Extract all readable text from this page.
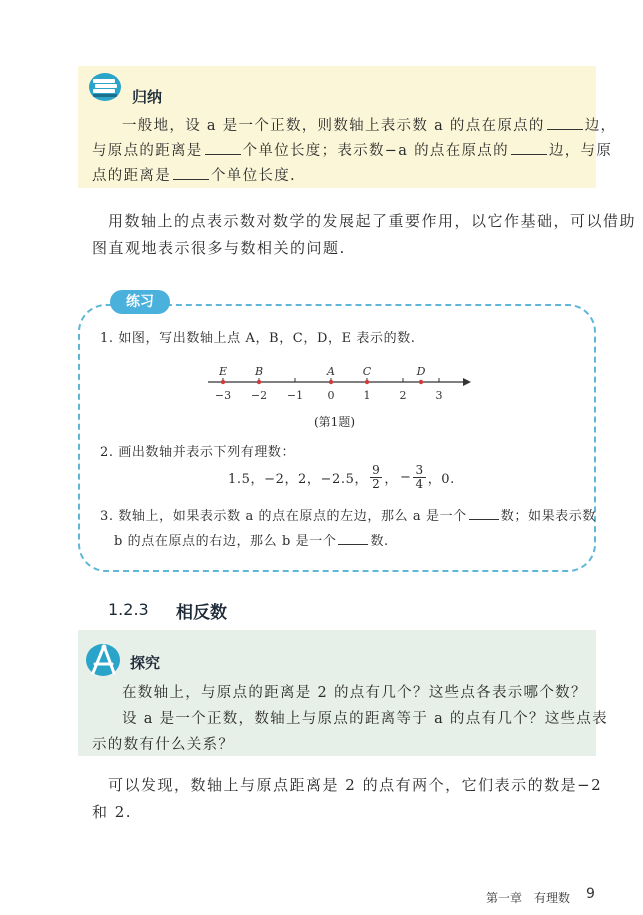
归纳
一般地，设 a 是一个正数，则数轴上表示数 a 的点在原点的	边，
与原点的距离是	个单位长度；表示数−a 的点在原点的	边，与原
点的距离是	个单位长度.
用数轴上的点表示数对数学的发展起了重要作用，以它作基础，可以借助
图直观地表示很多与数相关的问题.
练习
1. 如图，写出数轴上点 A，B，C，D，E 表示的数.
−3 −2 −1 0	1	2	3
E	B	A	C	D
(第1题)
2. 画出数轴并表示下列有理数：
1.5，−2，2，−2.5， $\frac{9}{2}$ ， − $\frac{3}{4}$ ，0.
3. 数轴上，如果表示数 a 的点在原点的左边，那么 a 是一个	数；如果表示数
b 的点在原点的右边，那么 b 是一个	数.
1.2.3 相反数
探究
在数轴上，与原点的距离是 2 的点有几个？这些点各表示哪个数？
设 a 是一个正数，数轴上与原点的距离等于 a 的点有几个？这些点表
示的数有什么关系？
可以发现，数轴上与原点距离是 2 的点有两个，它们表示的数是−2
和 2.
第一章　有理数 9
